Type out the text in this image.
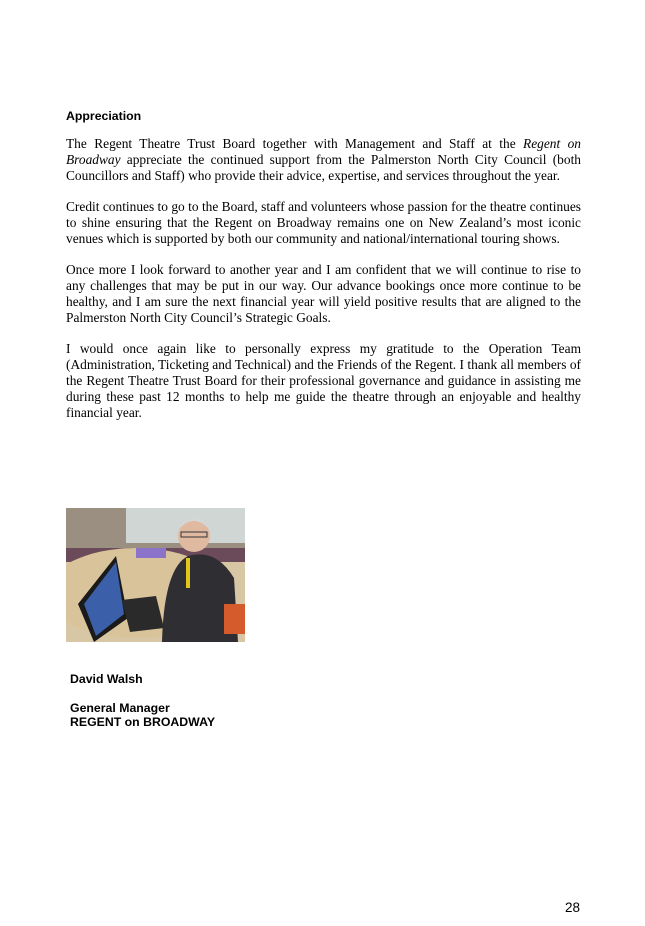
Appreciation

The Regent Theatre Trust Board together with Management and Staff at the Regent on Broadway appreciate the continued support from the Palmerston North City Council (both Councillors and Staff) who provide their advice, expertise, and services throughout the year.

Credit continues to go to the Board, staff and volunteers whose passion for the theatre continues to shine ensuring that the Regent on Broadway remains one on New Zealand’s most iconic venues which is supported by both our community and national/international touring shows.

Once more I look forward to another year and I am confident that we will continue to rise to any challenges that may be put in our way. Our advance bookings once more continue to be healthy, and I am sure the next financial year will yield positive results that are aligned to the Palmerston North City Council’s Strategic Goals.

I would once again like to personally express my gratitude to the Operation Team (Administration, Ticketing and Technical) and the Friends of the Regent. I thank all members of the Regent Theatre Trust Board for their professional governance and guidance in assisting me during these past 12 months to help me guide the theatre through an enjoyable and healthy financial year.

David Walsh
General Manager
REGENT on BROADWAY
28
